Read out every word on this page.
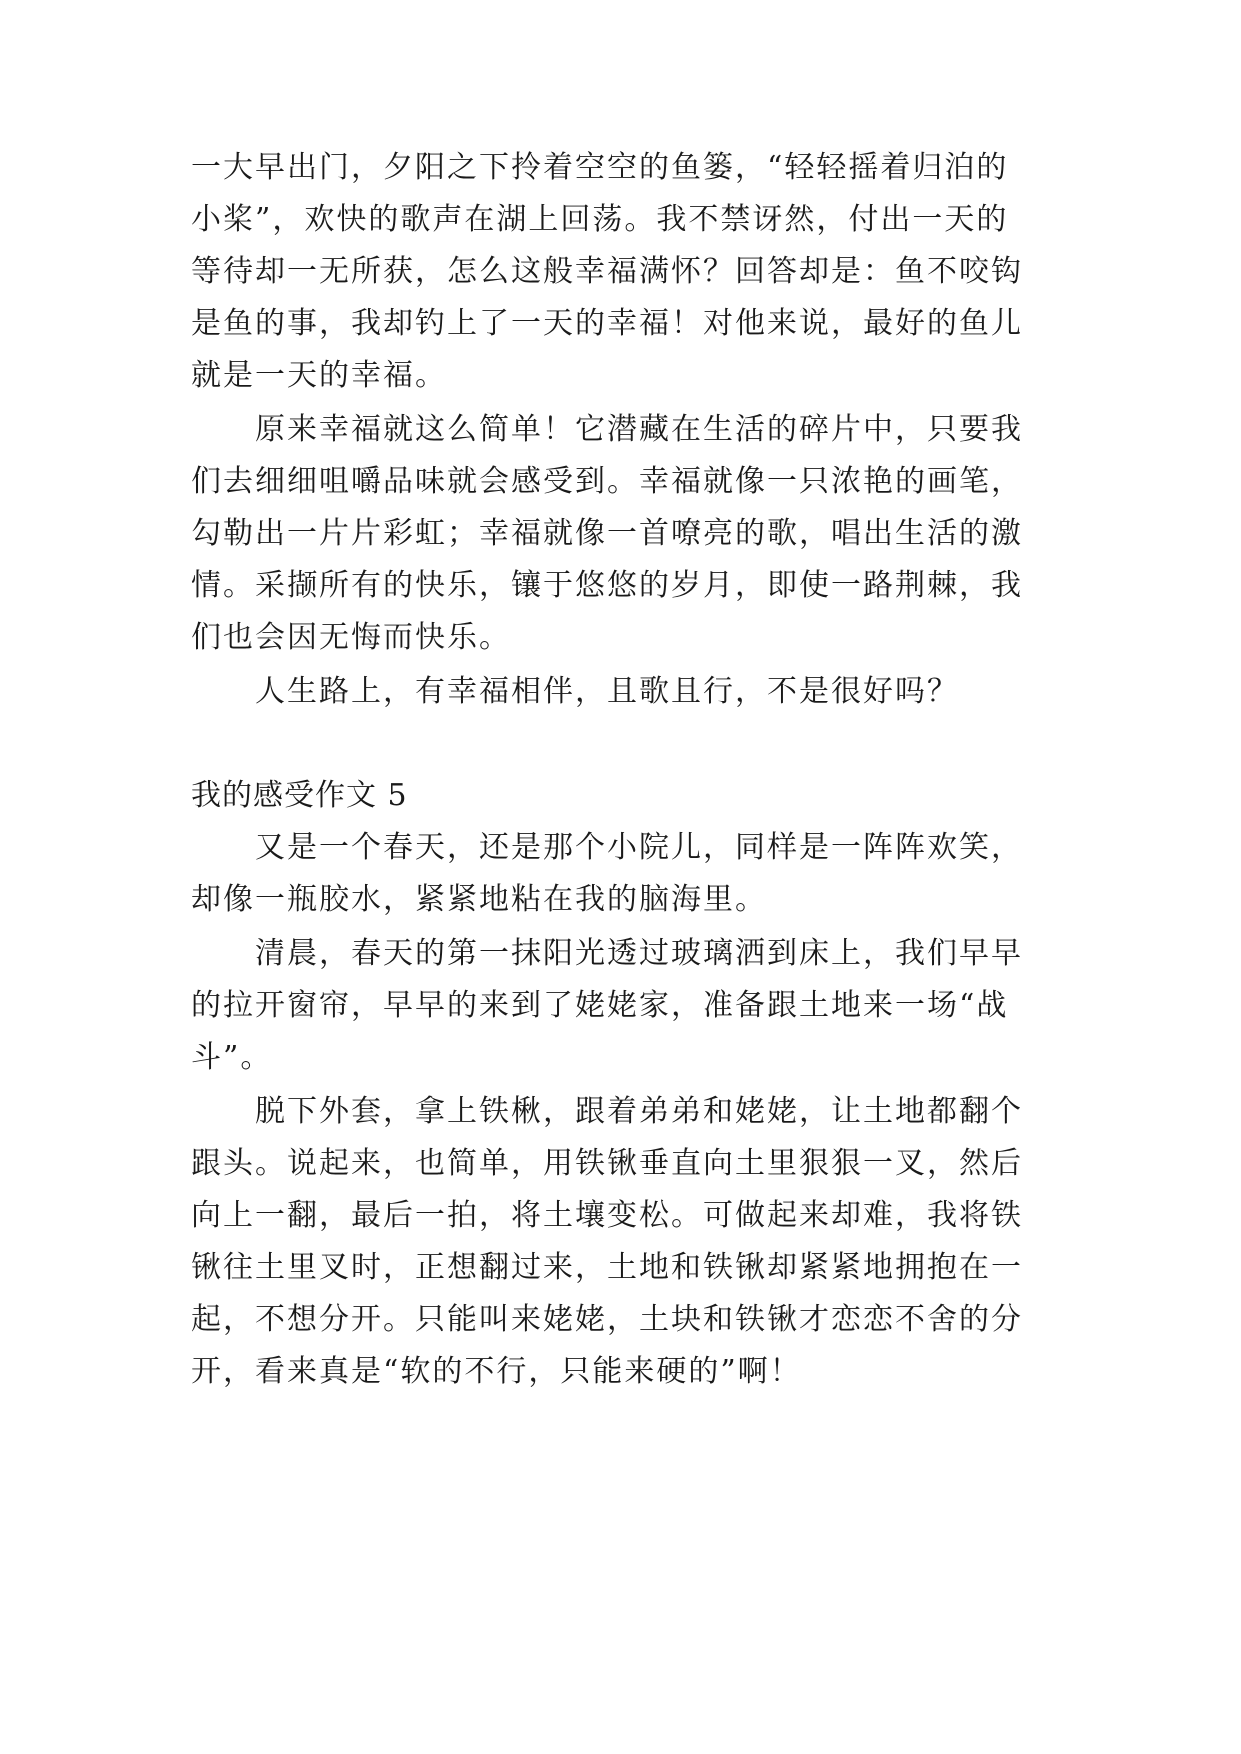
一大早出门，夕阳之下拎着空空的鱼篓，“轻轻摇着归泊的
小桨”，欢快的歌声在湖上回荡。我不禁讶然，付出一天的
等待却一无所获，怎么这般幸福满怀？回答却是：鱼不咬钩
是鱼的事，我却钓上了一天的幸福！对他来说，最好的鱼儿
就是一天的幸福。
原来幸福就这么简单！它潜藏在生活的碎片中，只要我
们去细细咀嚼品味就会感受到。幸福就像一只浓艳的画笔，
勾勒出一片片彩虹；幸福就像一首嘹亮的歌，唱出生活的激
情。采撷所有的快乐，镶于悠悠的岁月，即使一路荆棘，我
们也会因无悔而快乐。
人生路上，有幸福相伴，且歌且行，不是很好吗？
我的感受作文 5
又是一个春天，还是那个小院儿，同样是一阵阵欢笑，
却像一瓶胶水，紧紧地粘在我的脑海里。
清晨，春天的第一抹阳光透过玻璃洒到床上，我们早早
的拉开窗帘，早早的来到了姥姥家，准备跟土地来一场“战
斗”。
脱下外套，拿上铁楸，跟着弟弟和姥姥，让土地都翻个
跟头。说起来，也简单，用铁锹垂直向土里狠狠一叉，然后
向上一翻，最后一拍，将土壤变松。可做起来却难，我将铁
锹往土里叉时，正想翻过来，土地和铁锹却紧紧地拥抱在一
起，不想分开。只能叫来姥姥，土块和铁锹才恋恋不舍的分
开，看来真是“软的不行，只能来硬的”啊！
